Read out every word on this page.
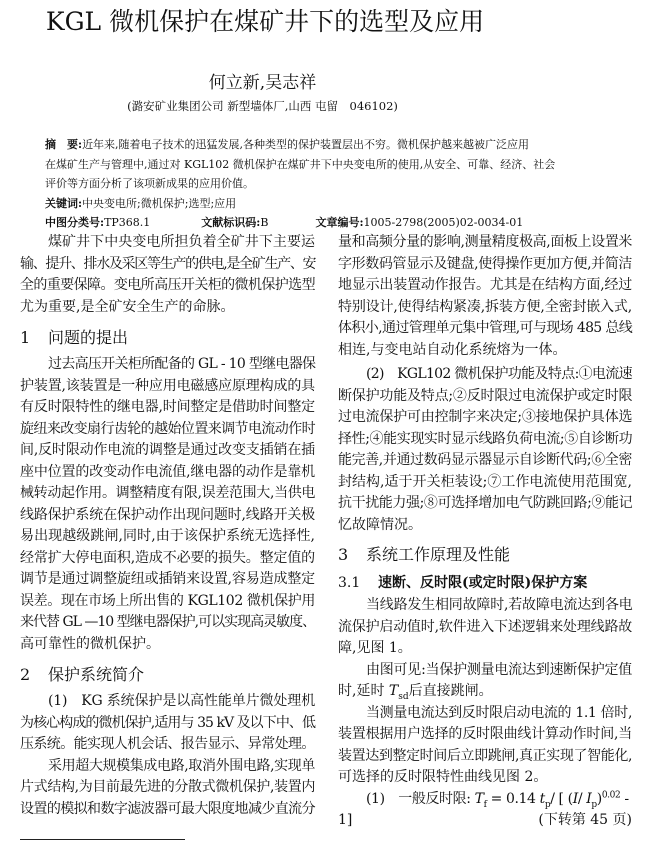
KGL 微机保护在煤矿井下的选型及应用
何立新,吴志祥
(潞安矿业集团公司 新型墙体厂,山西 屯留　046102)
摘　要:近年来,随着电子技术的迅猛发展,各种类型的保护装置层出不穷。微机保护越来越被广泛应用
在煤矿生产与管理中,通过对 KGL102 微机保护在煤矿井下中央变电所的使用,从安全、可靠、经济、社会
评价等方面分析了该项新成果的应用价值。
关键词:中央变电所;微机保护;选型;应用
中图分类号:TP368.1	文献标识码:B	文章编号:1005-2798(2005)02-0034-01
煤矿井下中央变电所担负着全矿井下主要运
输、提升、排水及采区等生产的供电,是全矿生产、安
全的重要保障。变电所高压开关柜的微机保护选型
尤为重要,是全矿安全生产的命脉。
1 问题的提出
过去高压开关柜所配备的 GL - 10 型继电器保
护装置,该装置是一种应用电磁感应原理构成的具
有反时限特性的继电器,时间整定是借助时间整定
旋纽来改变扇行齿轮的越始位置来调节电流动作时
间,反时限动作电流的调整是通过改变支插销在插
座中位置的改变动作电流值,继电器的动作是靠机
械转动起作用。调整精度有限,误差范围大,当供电
线路保护系统在保护动作出现问题时,线路开关极
易出现越级跳闸,同时,由于该保护系统无选择性,
经常扩大停电面积,造成不必要的损失。整定值的
调节是通过调整旋纽或插销来设置,容易造成整定
误差。现在市场上所出售的 KGL102 微机保护用
来代替 GL —10 型继电器保护,可以实现高灵敏度、
高可靠性的微机保护。
2 保护系统简介
(1)　KG 系统保护是以高性能单片微处理机
为核心构成的微机保护,适用与 35 kV 及以下中、低
压系统。能实现人机会话、报告显示、异常处理。
采用超大规模集成电路,取消外围电路,实现单
片式结构,为目前最先进的分散式微机保护,装置内
设置的模拟和数字滤波器可最大限度地减少直流分
量和高频分量的影响,测量精度极高,面板上设置米
字形数码管显示及键盘,使得操作更加方便,并简洁
地显示出装置动作报告。尤其是在结构方面,经过
特别设计,使得结构紧凑,拆装方便,全密封嵌入式,
体积小,通过管理单元集中管理,可与现场 485 总线
相连,与变电站自动化系统熔为一体。
(2)　KGL102 微机保护功能及特点:①电流速
断保护功能及特点;②反时限过电流保护或定时限
过电流保护可由控制字来决定;③接地保护具体选
择性;④能实现实时显示线路负荷电流;⑤自诊断功
能完善,并通过数码显示器显示自诊断代码;⑥全密
封结构,适于开关柜装设;⑦工作电流使用范围宽,
抗干扰能力强;⑧可选择增加电气防跳回路;⑨能记
忆故障情况。
3 系统工作原理及性能
3.1 速断、反时限(或定时限)保护方案
当线路发生相同故障时,若故障电流达到各电
流保护启动值时,软件进入下述逻辑来处理线路故
障,见图 1。
由图可见:当保护测量电流达到速断保护定值
时,延时 $T_{sd}$后直接跳闸。
当测量电流达到反时限启动电流的 1.1 倍时,
装置根据用户选择的反时限曲线计算动作时间,当
装置达到整定时间后立即跳闸,真正实现了智能化,
可选择的反时限特性曲线见图 2。
(1)　一般反时限: $T_f = 0.14$ $t_p/$ [ (I/ $I_p)^{0.02}$ -
1]	(下转第 45 页)
